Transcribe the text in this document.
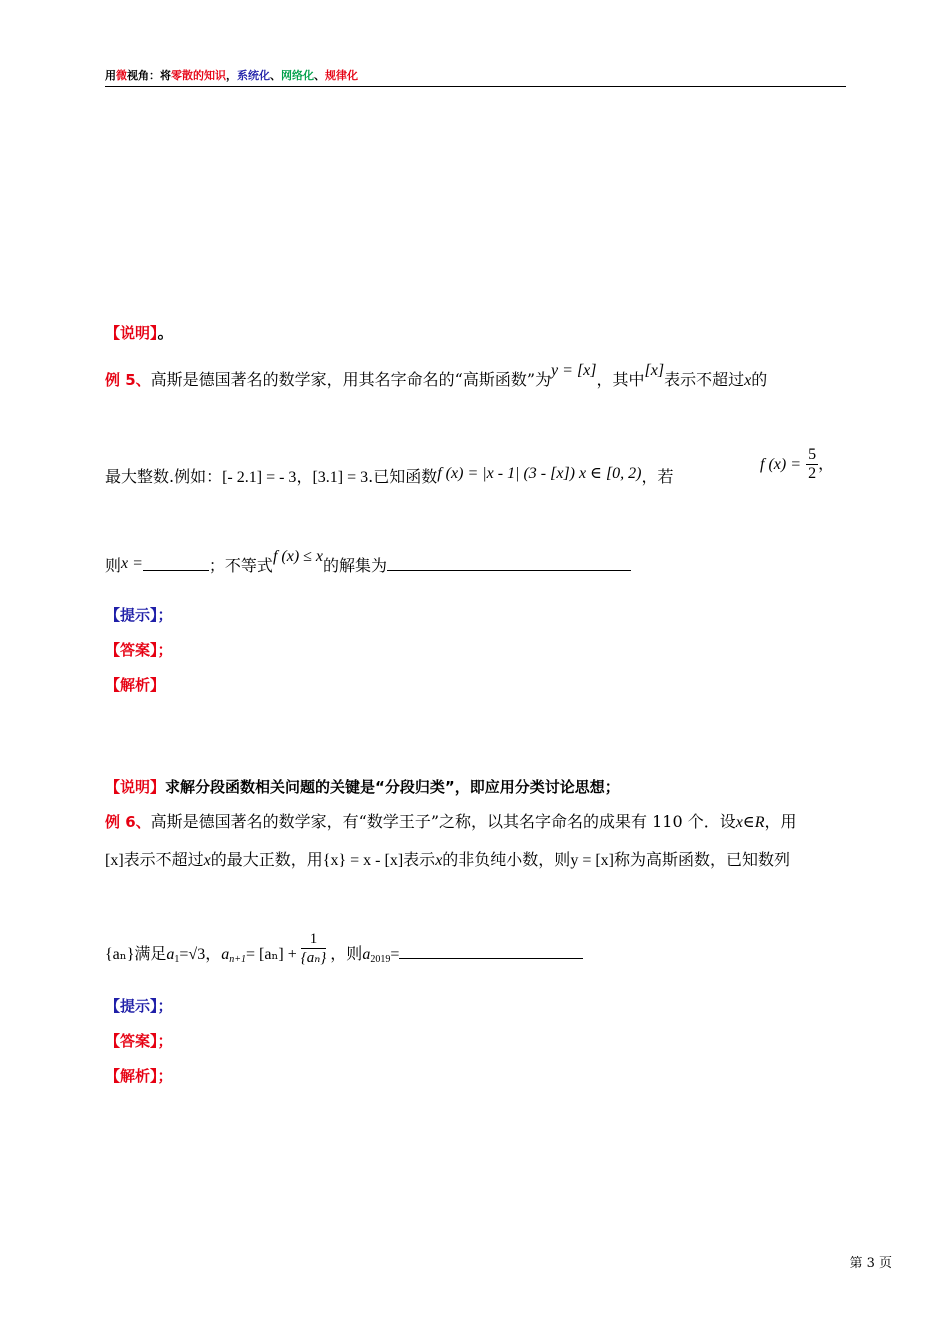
用微视角：将零散的知识，系统化、网络化、规律化
【说明】。
例 5、高斯是德国著名的数学家，用其名字命名的“高斯函数”为y = [x]，其中[x]表示不超过x的
最大整数.例如：[- 2.1] = - 3，[3.1] = 3.已知函数f (x) = |x - 1| (3 - [x]) x ∈ [0, 2)，若
f $(x) = \frac{5}{2}$ ，
则x =	；不等式f (x) ≤ x的解集为
【提示】；
【答案】；
【解析】
【说明】求解分段函数相关问题的关键是“分段归类”，即应用分类讨论思想；
例 6、高斯是德国著名的数学家，有“数学王子”之称，以其名字命名的成果有 110 个．设x∈R，用
[x]表示不超过x的最大正数，用{x} = x - [x]表示x的非负纯小数，则y = [x]称为高斯函数，已知数列
{aₙ}满足$a_1=√3$，$a_{n+1}= [a_n] + \frac{1}{\text{\{aₙ\}}}$ ，则$a_{2019}=$
【提示】；
【答案】；
【解析】；
第 3 页
